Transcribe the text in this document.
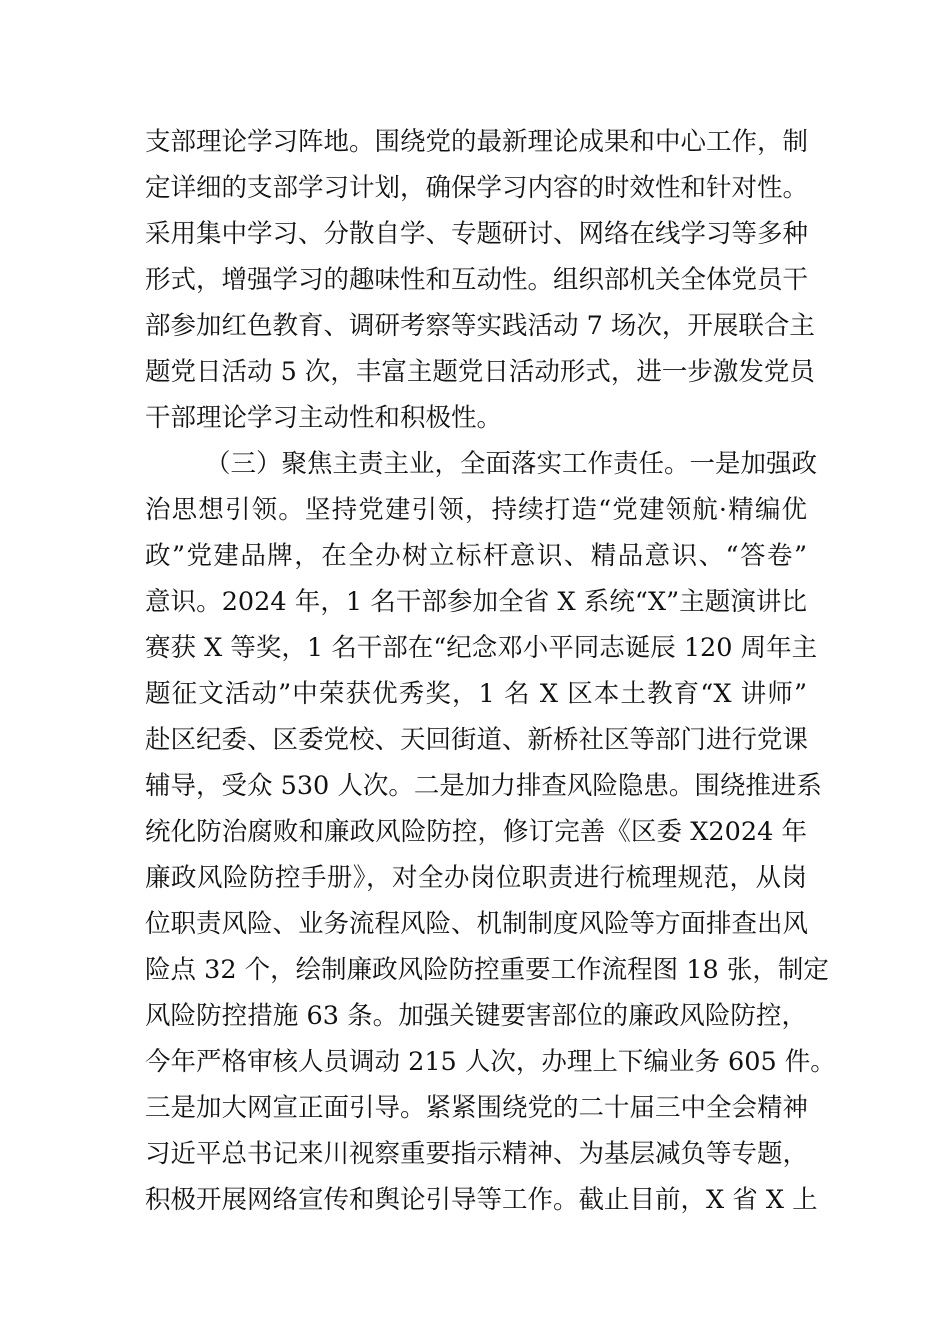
支部理论学习阵地。围绕党的最新理论成果和中心工作，制
定详细的支部学习计划，确保学习内容的时效性和针对性。
采用集中学习、分散自学、专题研讨、网络在线学习等多种
形式，增强学习的趣味性和互动性。组织部机关全体党员干
部参加红色教育、调研考察等实践活动 7 场次，开展联合主
题党日活动 5 次，丰富主题党日活动形式，进一步激发党员
干部理论学习主动性和积极性。
（三）聚焦主责主业，全面落实工作责任。一是加强政
治思想引领。坚持党建引领，持续打造“党建领航·精编优
政”党建品牌，在全办树立标杆意识、精品意识、“答卷”
意识。2024 年，1 名干部参加全省 X 系统“X”主题演讲比
赛获 X 等奖，1 名干部在“纪念邓小平同志诞辰 120 周年主
题征文活动”中荣获优秀奖，1 名 X 区本土教育“X 讲师”
赴区纪委、区委党校、天回街道、新桥社区等部门进行党课
辅导，受众 530 人次。二是加力排查风险隐患。围绕推进系
统化防治腐败和廉政风险防控，修订完善《区委 X2024 年
廉政风险防控手册》，对全办岗位职责进行梳理规范，从岗
位职责风险、业务流程风险、机制制度风险等方面排查出风
险点 32 个，绘制廉政风险防控重要工作流程图 18 张，制定
风险防控措施 63 条。加强关键要害部位的廉政风险防控，
今年严格审核人员调动 215 人次，办理上下编业务 605 件。
三是加大网宣正面引导。紧紧围绕党的二十届三中全会精神
习近平总书记来川视察重要指示精神、为基层减负等专题，
积极开展网络宣传和舆论引导等工作。截止目前，X 省 X 上
